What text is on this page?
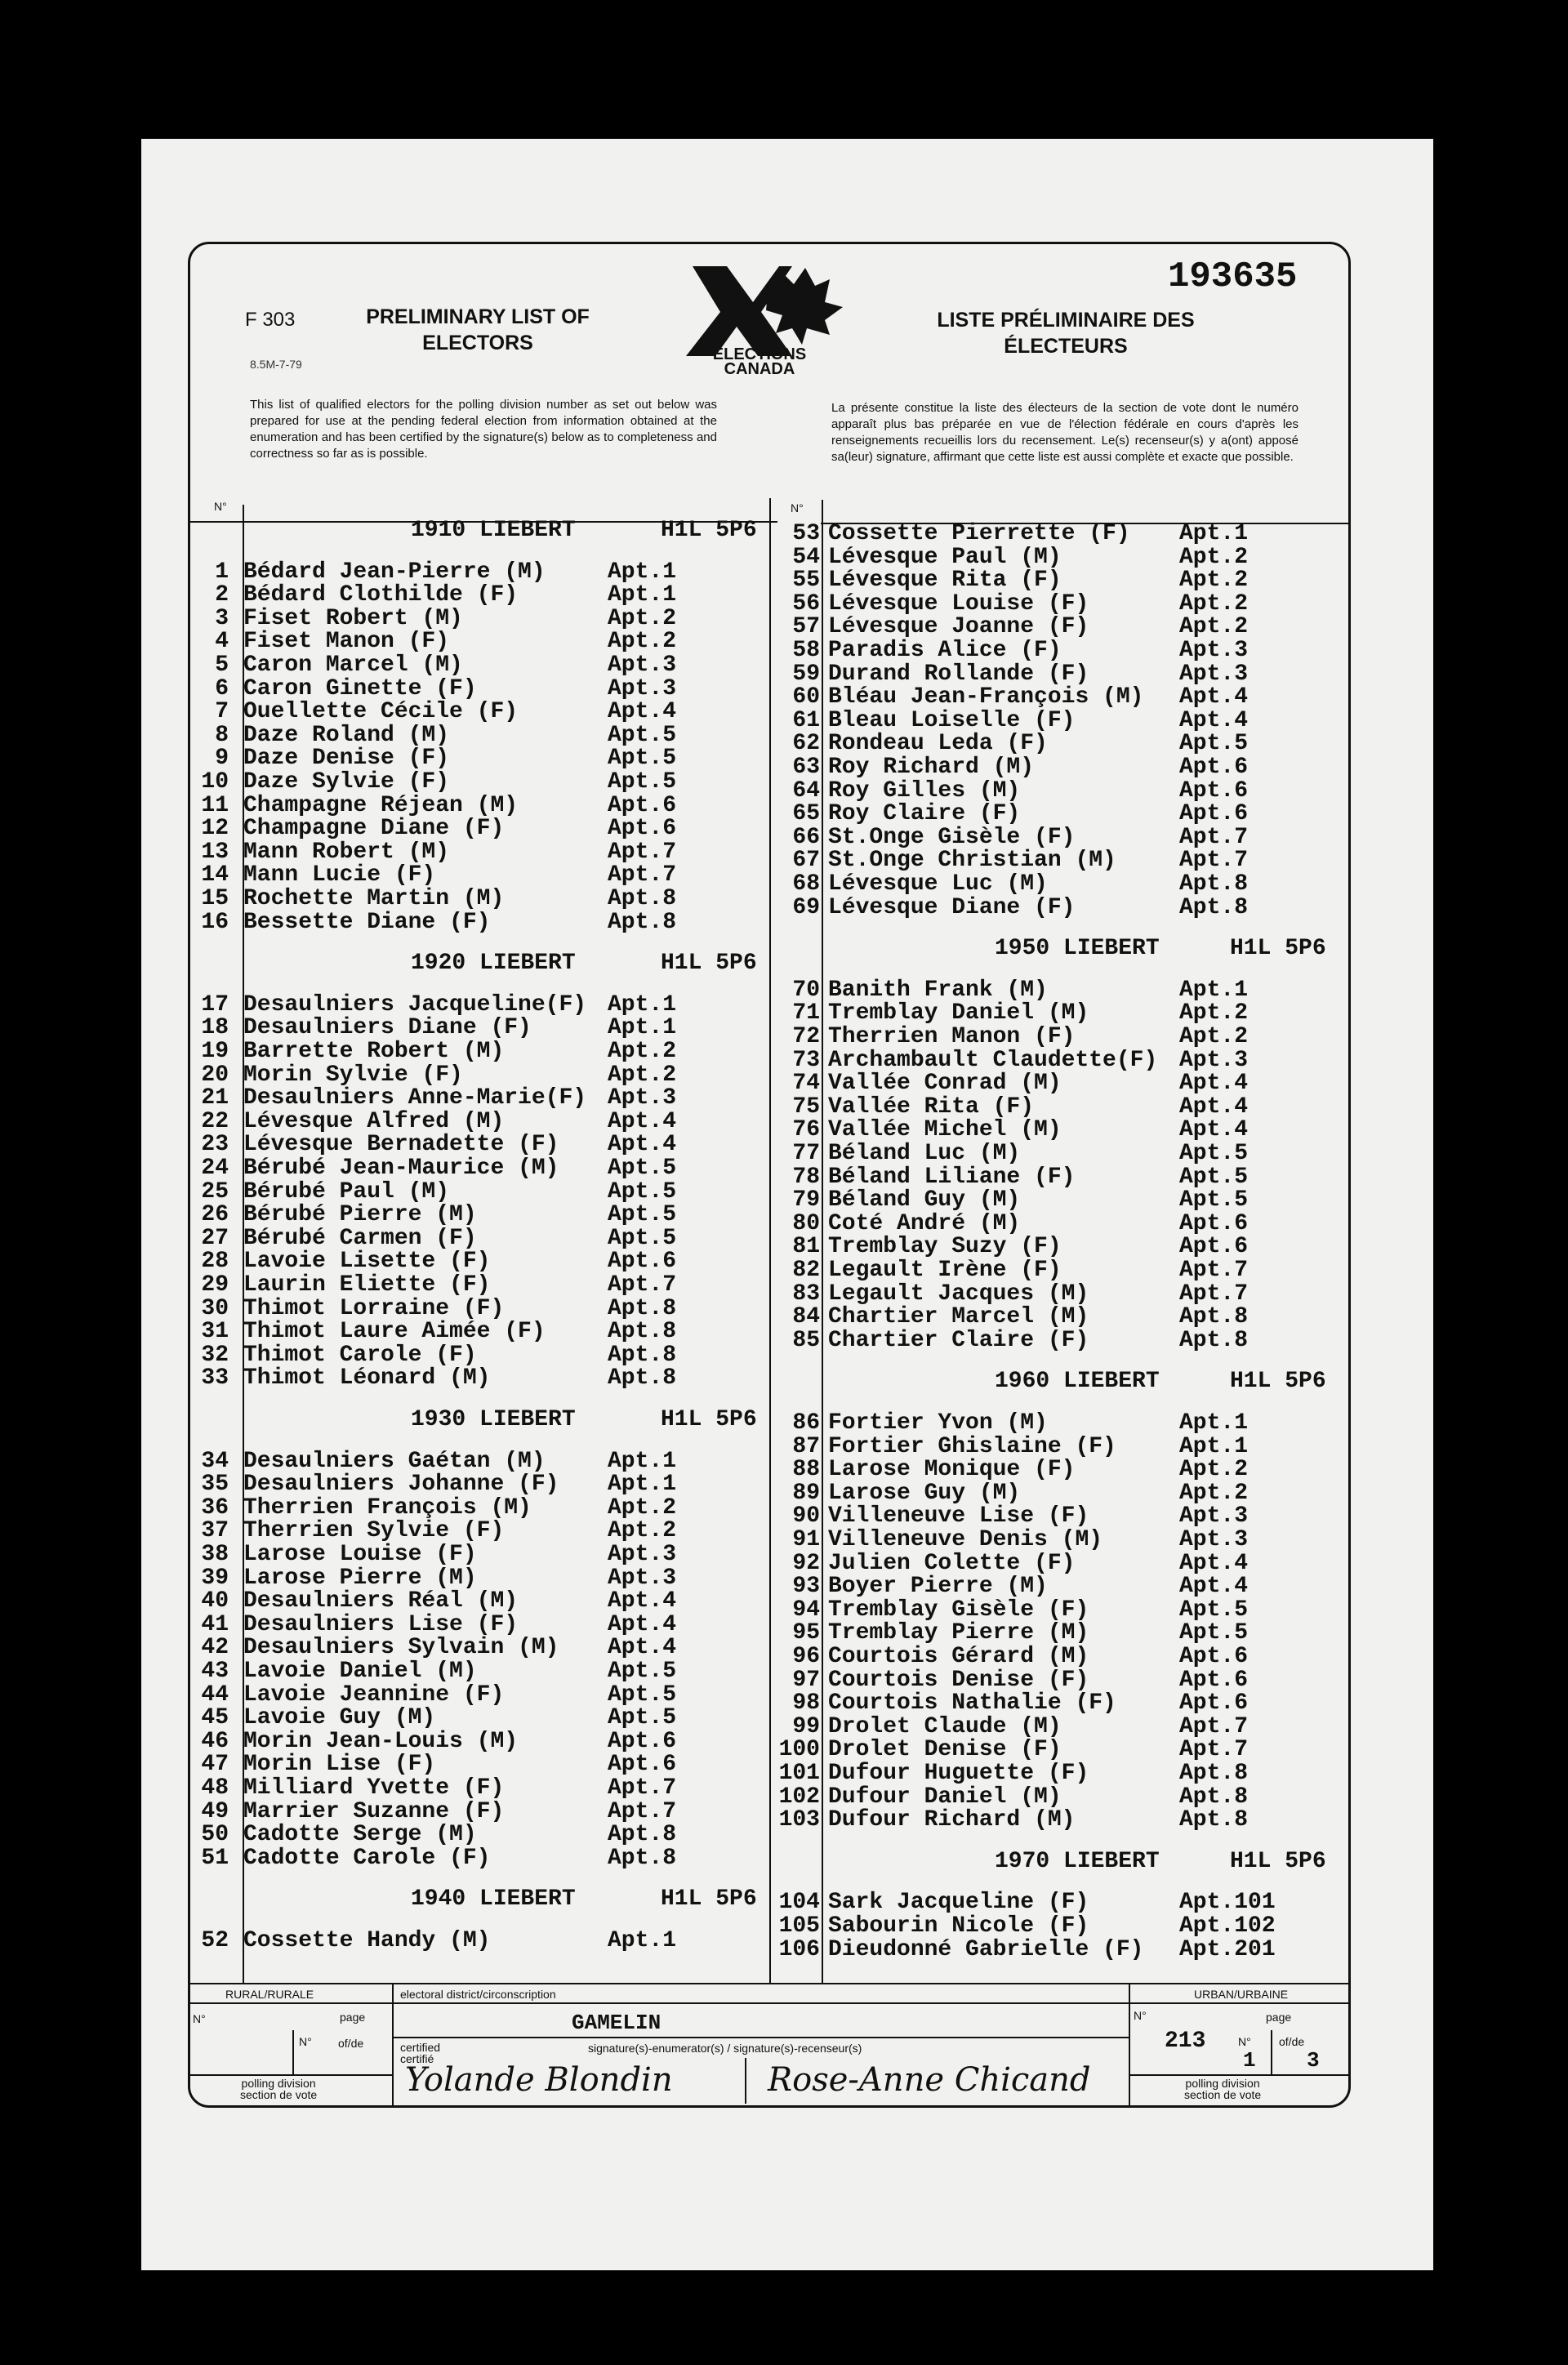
F 303
8.5M-7-79
PRELIMINARY LIST OF
ELECTORS	ELECTIONS
CANADA
193635
LISTE PRÉLIMINAIRE DES
ÉLECTEURS
This list of qualified electors for the polling division number as set out below was prepared for use at the pending federal election from information obtained at the enumeration and has been certified by the signature(s) below as to completeness and correctness so far as is possible.
La présente constitue la liste des électeurs de la section de vote dont le numéro apparaît plus bas préparée en vue de l'élection fédérale en cours d'après les renseignements recueillis lors du recensement. Le(s) recenseur(s) y a(ont) apposé sa(leur) signature, affirmant que cette liste est aussi complète et exacte que possible.
N°	N°
1910 LIEBERT	H1L 5P6
1 Bédard Jean-Pierre (M)	Apt.1
2 Bédard Clothilde (F)	Apt.1
3 Fiset Robert (M)	Apt.2
4 Fiset Manon (F)	Apt.2
5 Caron Marcel (M)	Apt.3
6 Caron Ginette (F)	Apt.3
7 Ouellette Cécile (F)	Apt.4
8 Daze Roland (M)	Apt.5
9 Daze Denise (F)	Apt.5
10 Daze Sylvie (F)	Apt.5
11 Champagne Réjean (M)	Apt.6
12 Champagne Diane (F)	Apt.6
13 Mann Robert (M)	Apt.7
14 Mann Lucie (F)	Apt.7
15 Rochette Martin (M)	Apt.8
16 Bessette Diane (F)	Apt.8
1920 LIEBERT	H1L 5P6
17 Desaulniers Jacqueline(F) Apt.1
18 Desaulniers Diane (F)	Apt.1
19 Barrette Robert (M)	Apt.2
20 Morin Sylvie (F)	Apt.2
21 Desaulniers Anne-Marie(F) Apt.3
22 Lévesque Alfred (M)	Apt.4
23 Lévesque Bernadette (F) Apt.4
24 Bérubé Jean-Maurice (M) Apt.5
25 Bérubé Paul (M)	Apt.5
26 Bérubé Pierre (M)	Apt.5
27 Bérubé Carmen (F)	Apt.5
28 Lavoie Lisette (F)	Apt.6
29 Laurin Eliette (F)	Apt.7
30 Thimot Lorraine (F)	Apt.8
31 Thimot Laure Aimée (F)	Apt.8
32 Thimot Carole (F)	Apt.8
33 Thimot Léonard (M)	Apt.8
1930 LIEBERT	H1L 5P6
34 Desaulniers Gaétan (M)	Apt.1
35 Desaulniers Johanne (F) Apt.1
36 Therrien François (M)	Apt.2
37 Therrien Sylvie (F)	Apt.2
38 Larose Louise (F)	Apt.3
39 Larose Pierre (M)	Apt.3
40 Desaulniers Réal (M)	Apt.4
41 Desaulniers Lise (F)	Apt.4
42 Desaulniers Sylvain (M) Apt.4
43 Lavoie Daniel (M)	Apt.5
44 Lavoie Jeannine (F)	Apt.5
45 Lavoie Guy (M)	Apt.5
46 Morin Jean-Louis (M)	Apt.6
47 Morin Lise (F)	Apt.6
48 Milliard Yvette (F)	Apt.7
49 Marrier Suzanne (F)	Apt.7
50 Cadotte Serge (M)	Apt.8
51 Cadotte Carole (F)	Apt.8
1940 LIEBERT	H1L 5P6
52 Cossette Handy (M)	Apt.1
53 Cossette Pierrette (F) Apt.1
54 Lévesque Paul (M)	Apt.2
55 Lévesque Rita (F)	Apt.2
56 Lévesque Louise (F)	Apt.2
57 Lévesque Joanne (F)	Apt.2
58 Paradis Alice (F)	Apt.3
59 Durand Rollande (F)	Apt.3
60 Bléau Jean-François (M) Apt.4
61 Bleau Loiselle (F)	Apt.4
62 Rondeau Leda (F)	Apt.5
63 Roy Richard (M)	Apt.6
64 Roy Gilles (M)	Apt.6
65 Roy Claire (F)	Apt.6
66 St.Onge Gisèle (F)	Apt.7
67 St.Onge Christian (M)	Apt.7
68 Lévesque Luc (M)	Apt.8
69 Lévesque Diane (F)	Apt.8
1950 LIEBERT	H1L 5P6
70 Banith Frank (M)	Apt.1
71 Tremblay Daniel (M)	Apt.2
72 Therrien Manon (F)	Apt.2
73 Archambault Claudette(F) Apt.3
74 Vallée Conrad (M)	Apt.4
75 Vallée Rita (F)	Apt.4
76 Vallée Michel (M)	Apt.4
77 Béland Luc (M)	Apt.5
78 Béland Liliane (F)	Apt.5
79 Béland Guy (M)	Apt.5
80 Coté André (M)	Apt.6
81 Tremblay Suzy (F)	Apt.6
82 Legault Irène (F)	Apt.7
83 Legault Jacques (M)	Apt.7
84 Chartier Marcel (M)	Apt.8
85 Chartier Claire (F)	Apt.8
1960 LIEBERT	H1L 5P6
86 Fortier Yvon (M)	Apt.1
87 Fortier Ghislaine (F)	Apt.1
88 Larose Monique (F)	Apt.2
89 Larose Guy (M)	Apt.2
90 Villeneuve Lise (F)	Apt.3
91 Villeneuve Denis (M)	Apt.3
92 Julien Colette (F)	Apt.4
93 Boyer Pierre (M)	Apt.4
94 Tremblay Gisèle (F)	Apt.5
95 Tremblay Pierre (M)	Apt.5
96 Courtois Gérard (M)	Apt.6
97 Courtois Denise (F)	Apt.6
98 Courtois Nathalie (F)	Apt.6
99 Drolet Claude (M)	Apt.7
100 Drolet Denise (F)	Apt.7
101 Dufour Huguette (F)	Apt.8
102 Dufour Daniel (M)	Apt.8
103 Dufour Richard (M)	Apt.8
1970 LIEBERT	H1L 5P6
104 Sark Jacqueline (F)	Apt.101
105 Sabourin Nicole (F)	Apt.102
106 Dieudonné Gabrielle (F) Apt.201
RURAL/RURALE	electoral district/circonscription	URBAN/URBAINE
N°	page
N° of/de
GAMELIN
certified
certifié
signature(s)-enumerator(s) / signature(s)-recenseur(s)
N°	page
213	N° of/de
1 3
polling division
section de vote
polling division
section de vote
Yolande Blondin	Rose-Anne Chicand
